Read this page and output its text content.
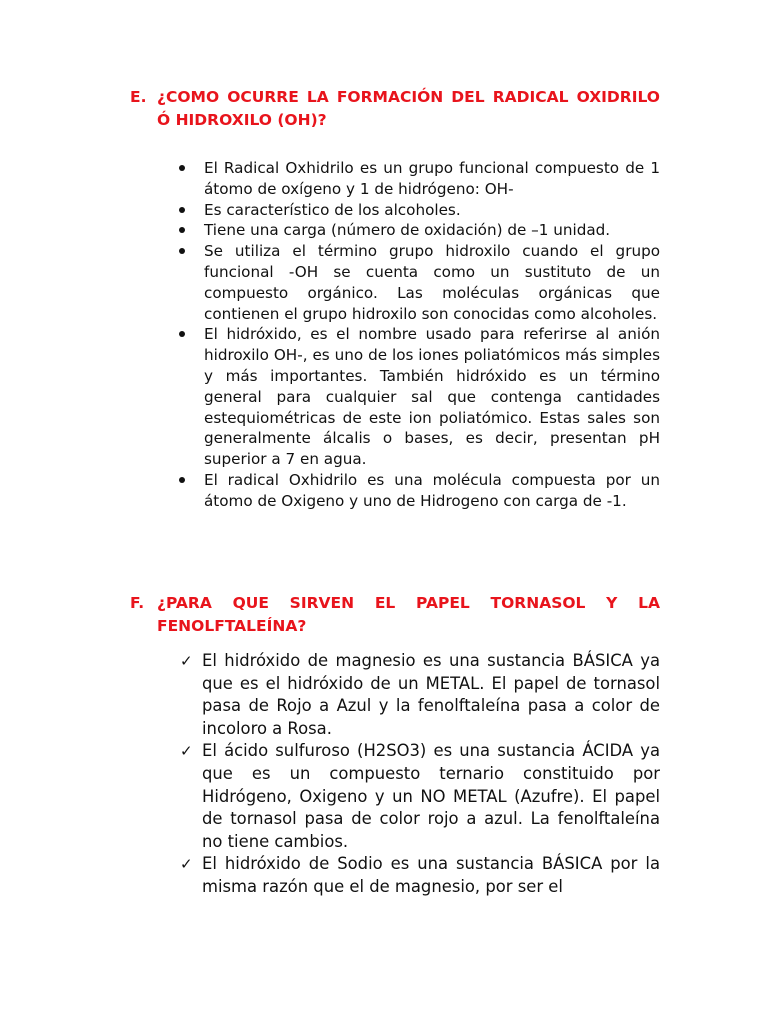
E. ¿COMO OCURRE LA FORMACIÓN DEL RADICAL OXIDRILO Ó HIDROXILO (OH)?
El Radical Oxhidrilo es un grupo funcional compuesto de 1 átomo de oxígeno y 1 de hidrógeno: OH-
Es característico de los alcoholes.
Tiene una carga (número de oxidación) de –1 unidad.
Se utiliza el término grupo hidroxilo cuando el grupo funcional -OH se cuenta como un sustituto de un compuesto orgánico. Las moléculas orgánicas que contienen el grupo hidroxilo son conocidas como alcoholes.
El hidróxido, es el nombre usado para referirse al anión hidroxilo OH-, es uno de los iones poliatómicos más simples y más importantes. También hidróxido es un término general para cualquier sal que contenga cantidades estequiométricas de este ion poliatómico. Estas sales son generalmente álcalis o bases, es decir, presentan pH superior a 7 en agua.
El radical Oxhidrilo es una molécula compuesta por un átomo de Oxigeno y uno de Hidrogeno con carga de -1.
F. ¿PARA QUE SIRVEN EL PAPEL TORNASOL Y LA FENOLFTALEÍNA?
✓ El hidróxido de magnesio es una sustancia BÁSICA ya que es el hidróxido de un METAL. El papel de tornasol pasa de Rojo a Azul y la fenolftaleína pasa a color de incoloro a Rosa.
✓ El ácido sulfuroso (H2SO3) es una sustancia ÁCIDA ya que es un compuesto ternario constituido por Hidrógeno, Oxigeno y un NO METAL (Azufre). El papel de tornasol pasa de color rojo a azul. La fenolftaleína no tiene cambios.
✓ El hidróxido de Sodio es una sustancia BÁSICA por la misma razón que el de magnesio, por ser el
